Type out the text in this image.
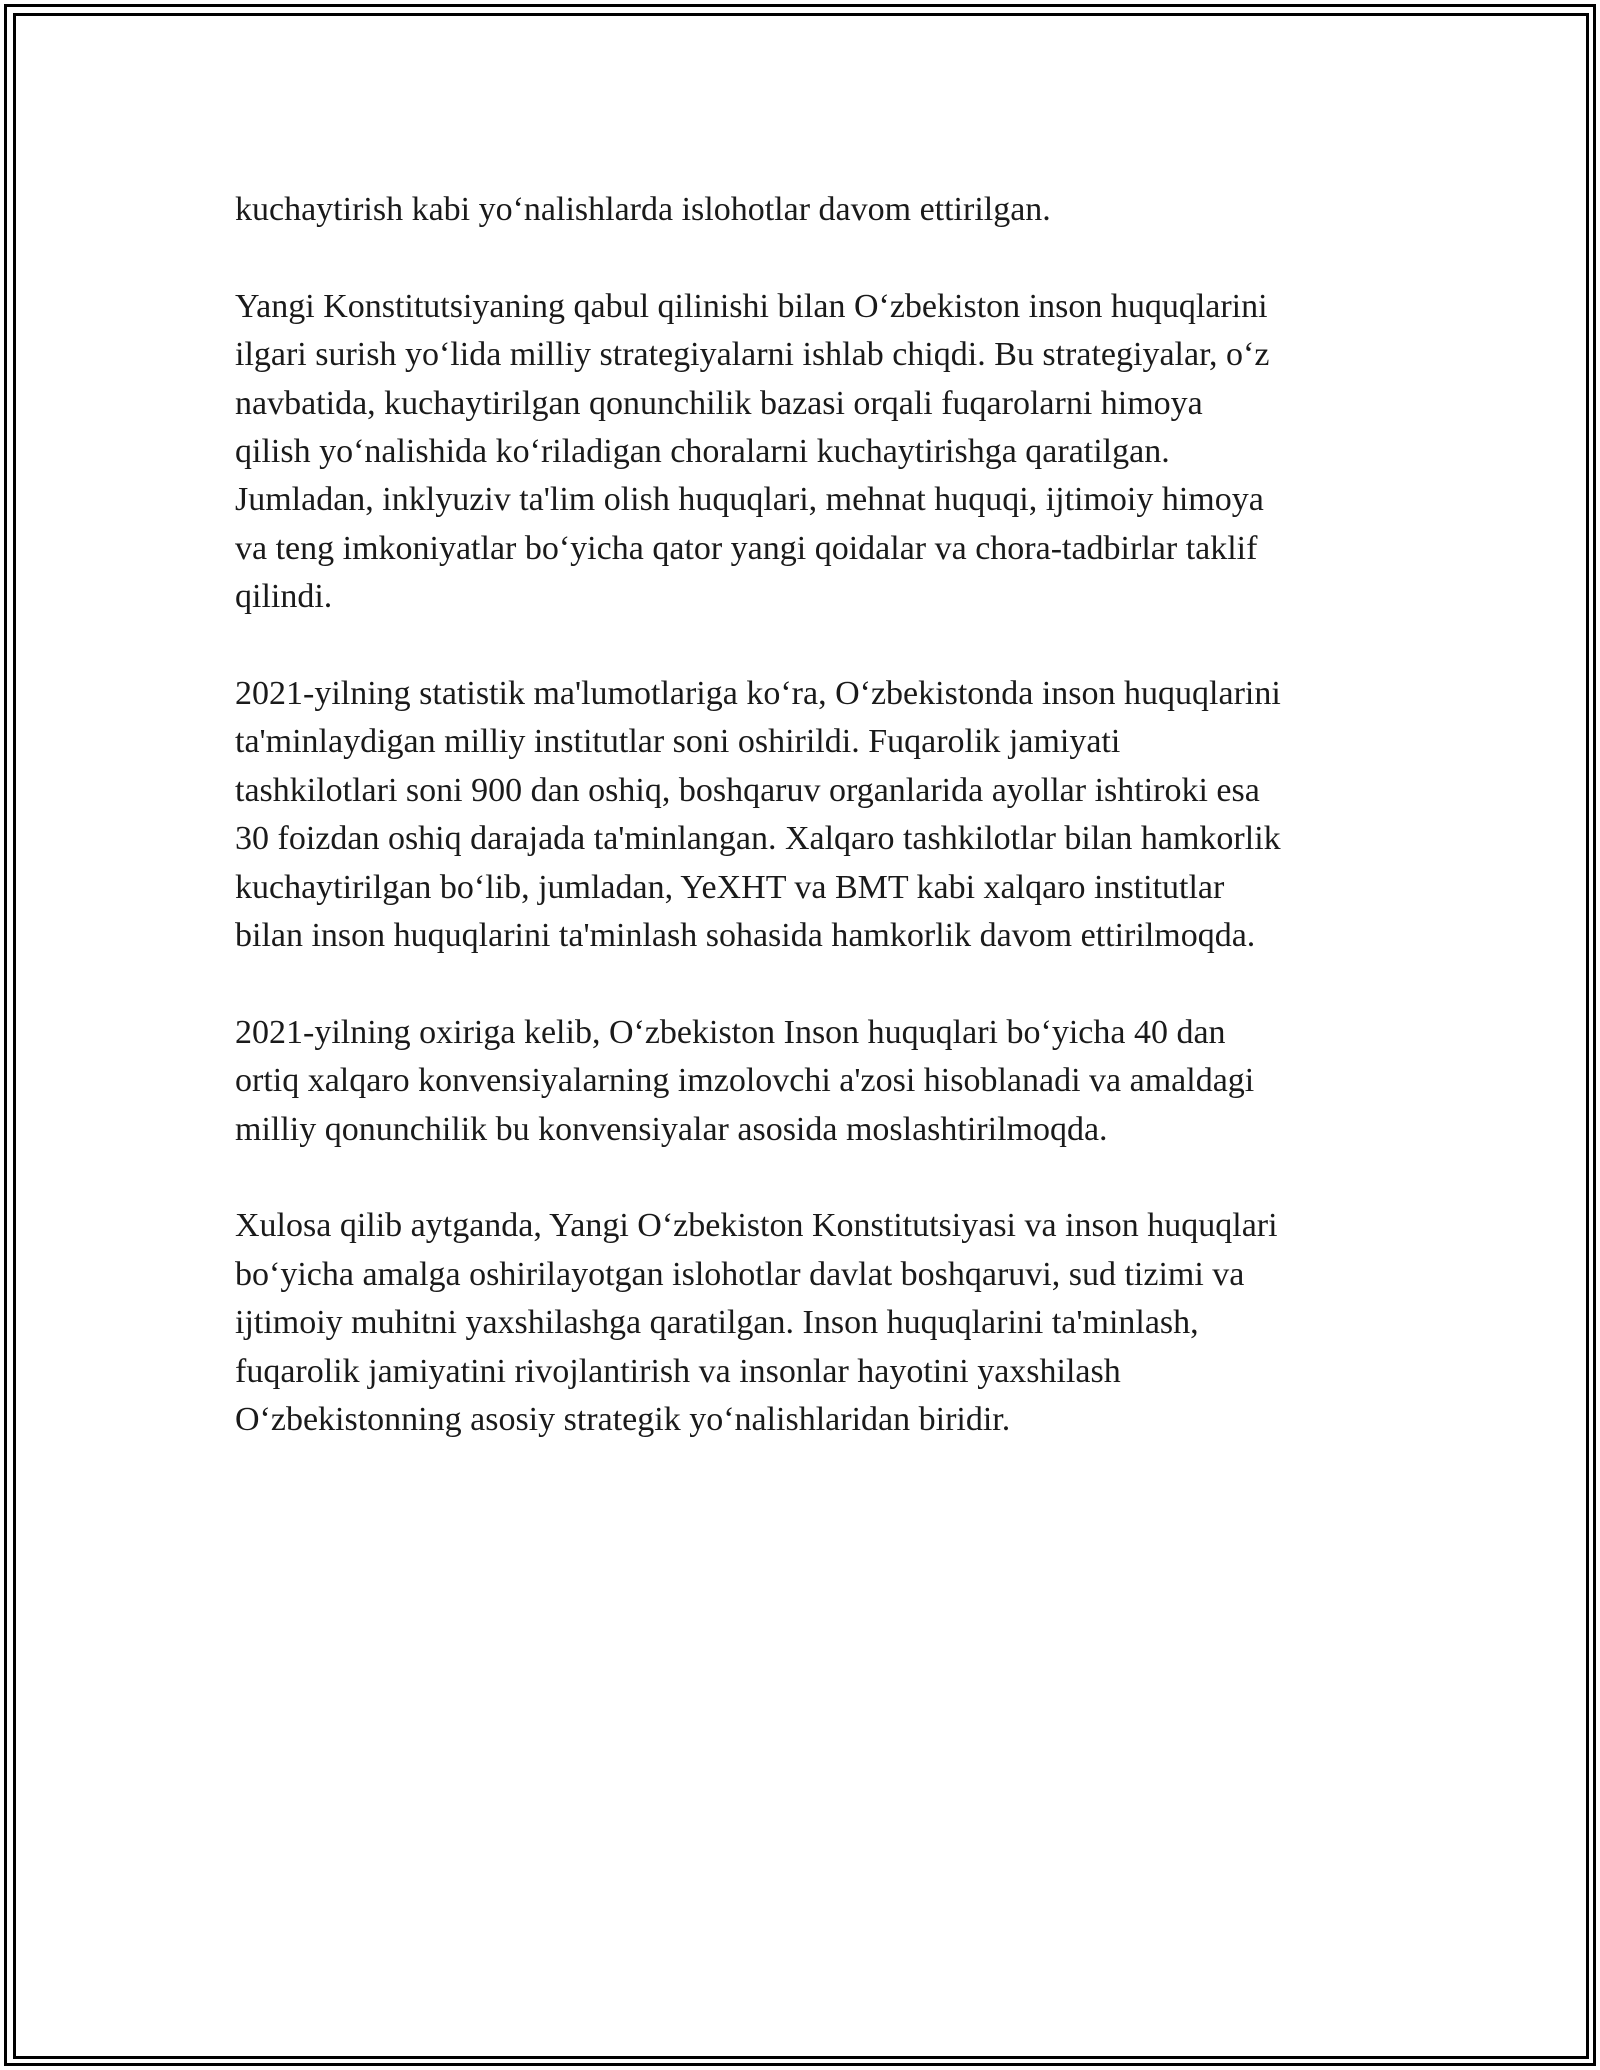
kuchaytirish kabi yo‘nalishlarda islohotlar davom ettirilgan.

Yangi Konstitutsiyaning qabul qilinishi bilan O‘zbekiston inson huquqlarini
ilgari surish yo‘lida milliy strategiyalarni ishlab chiqdi. Bu strategiyalar, o‘z
navbatida, kuchaytirilgan qonunchilik bazasi orqali fuqarolarni himoya
qilish yo‘nalishida ko‘riladigan choralarni kuchaytirishga qaratilgan.
Jumladan, inklyuziv ta'lim olish huquqlari, mehnat huquqi, ijtimoiy himoya
va teng imkoniyatlar bo‘yicha qator yangi qoidalar va chora-tadbirlar taklif
qilindi.

2021-yilning statistik ma'lumotlariga ko‘ra, O‘zbekistonda inson huquqlarini
ta'minlaydigan milliy institutlar soni oshirildi. Fuqarolik jamiyati
tashkilotlari soni 900 dan oshiq, boshqaruv organlarida ayollar ishtiroki esa
30 foizdan oshiq darajada ta'minlangan. Xalqaro tashkilotlar bilan hamkorlik
kuchaytirilgan bo‘lib, jumladan, YeXHT va BMT kabi xalqaro institutlar
bilan inson huquqlarini ta'minlash sohasida hamkorlik davom ettirilmoqda.

2021-yilning oxiriga kelib, O‘zbekiston Inson huquqlari bo‘yicha 40 dan
ortiq xalqaro konvensiyalarning imzolovchi a'zosi hisoblanadi va amaldagi
milliy qonunchilik bu konvensiyalar asosida moslashtirilmoqda.

Xulosa qilib aytganda, Yangi O‘zbekiston Konstitutsiyasi va inson huquqlari
bo‘yicha amalga oshirilayotgan islohotlar davlat boshqaruvi, sud tizimi va
ijtimoiy muhitni yaxshilashga qaratilgan. Inson huquqlarini ta'minlash,
fuqarolik jamiyatini rivojlantirish va insonlar hayotini yaxshilash
O‘zbekistonning asosiy strategik yo‘nalishlaridan biridir.
